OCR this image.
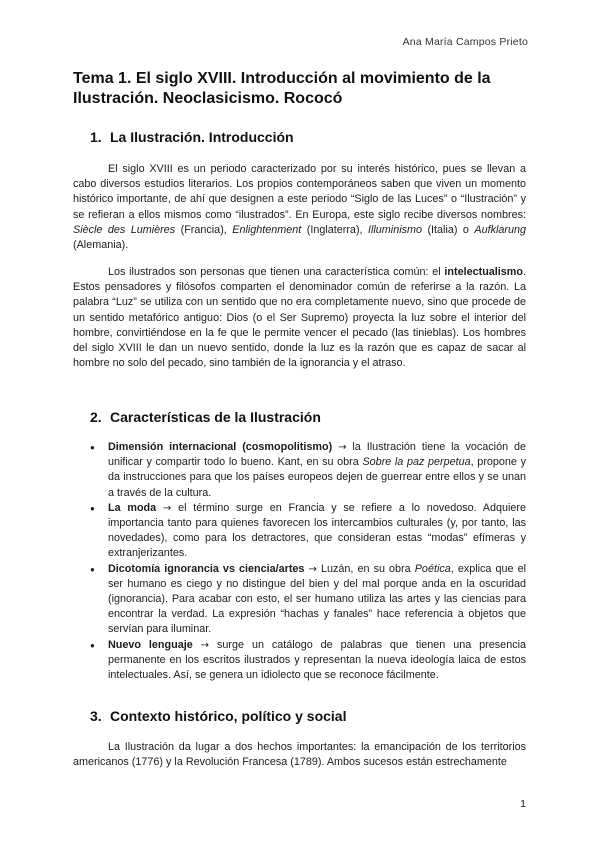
Ana María Campos Prieto
Tema 1. El siglo XVIII. Introducción al movimiento de la Ilustración. Neoclasicismo. Rococó
1. La Ilustración. Introducción

El siglo XVIII es un periodo caracterizado por su interés histórico, pues se llevan a cabo diversos estudios literarios. Los propios contemporáneos saben que viven un momento histórico importante, de ahí que designen a este periodo “Siglo de las Luces” o “Ilustración” y se refieran a ellos mismos como “ilustrados”. En Europa, este siglo recibe diversos nombres: Siècle des Lumières (Francia), Enlightenment (Inglaterra), Illuminismo (Italia) o Aufklarung (Alemania).

Los ilustrados son personas que tienen una característica común: el intelectualismo. Estos pensadores y filósofos comparten el denominador común de referirse a la razón. La palabra “Luz” se utiliza con un sentido que no era completamente nuevo, sino que procede de un sentido metafórico antiguo: Dios (o el Ser Supremo) proyecta la luz sobre el interior del hombre, convirtiéndose en la fe que le permite vencer el pecado (las tinieblas). Los hombres del siglo XVIII le dan un nuevo sentido, donde la luz es la razón que es capaz de sacar al hombre no solo del pecado, sino también de la ignorancia y el atraso.

2. Características de la Ilustración
● Dimensión internacional (cosmopolitismo) → la Ilustración tiene la vocación de unificar y compartir todo lo bueno. Kant, en su obra Sobre la paz perpetua, propone y da instrucciones para que los países europeos dejen de guerrear entre ellos y se unan a través de la cultura.
● La moda → el término surge en Francia y se refiere a lo novedoso. Adquiere importancia tanto para quienes favorecen los intercambios culturales (y, por tanto, las novedades), como para los detractores, que consideran estas “modas” efímeras y extranjerizantes.
● Dicotomía ignorancia vs ciencia/artes → Luzán, en su obra Poética, explica que el ser humano es ciego y no distingue del bien y del mal porque anda en la oscuridad (ignorancia). Para acabar con esto, el ser humano utiliza las artes y las ciencias para encontrar la verdad. La expresión “hachas y fanales” hace referencia a objetos que servían para iluminar.
● Nuevo lenguaje → surge un catálogo de palabras que tienen una presencia permanente en los escritos ilustrados y representan la nueva ideología laica de estos intelectuales. Así, se genera un idiolecto que se reconoce fácilmente.
3. Contexto histórico, político y social

La Ilustración da lugar a dos hechos importantes: la emancipación de los territorios americanos (1776) y la Revolución Francesa (1789). Ambos sucesos están estrechamente

1
